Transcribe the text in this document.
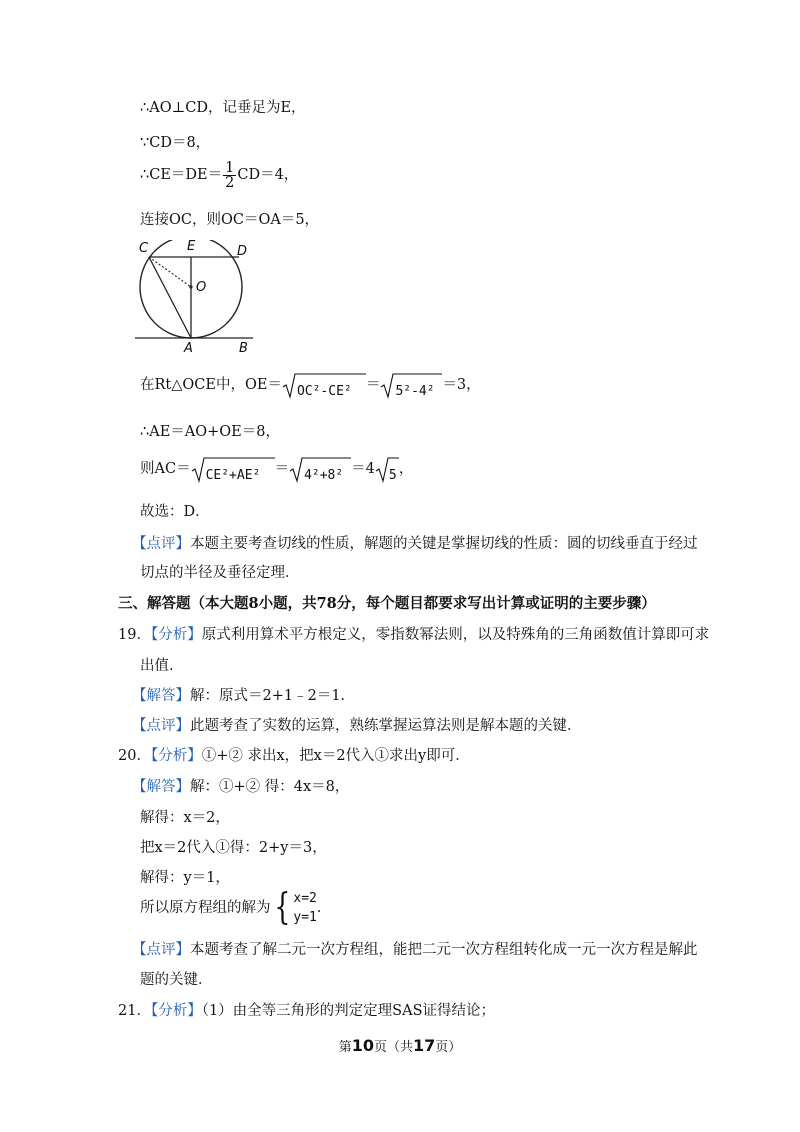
∴AO⊥CD，记垂足为E，
∵CD＝8，
∴CE＝DE＝ $\frac{1}{2} CD=4$，
连接OC，则OC＝OA＝5，
C	E	D
O
A	B
在Rt△OCE中，OE＝ OC²-CE² ＝ 5²-4² ＝3，
∴AE＝AO+OE＝8，
则AC＝ CE²+AE² ＝ 4²+8² ＝4 5 ，
故选：D．
【点评】本题主要考查切线的性质，解题的关键是掌握切线的性质：圆的切线垂直于经过
切点的半径及垂径定理．
三、解答题（本大题8小题，共78分，每个题目都要求写出计算或证明的主要步骤）
19．【分析】原式利用算术平方根定义，零指数幂法则，以及特殊角的三角函数值计算即可求
出值．
【解答】解：原式＝2+1﹣2＝1．
【点评】此题考查了实数的运算，熟练掌握运算法则是解本题的关键．
20．【分析】①+② 求出x，把x＝2代入①求出y即可．
【解答】解：①+② 得：4x＝8，
解得：x＝2，
把x＝2代入①得：2+y＝3，
解得：y＝1，
所以原方程组的解为{ x=2
y=1
．
【点评】本题考查了解二元一次方程组，能把二元一次方程组转化成一元一次方程是解此
题的关键．
21．【分析】（1）由全等三角形的判定定理SAS证得结论；
第10页（共17页）
